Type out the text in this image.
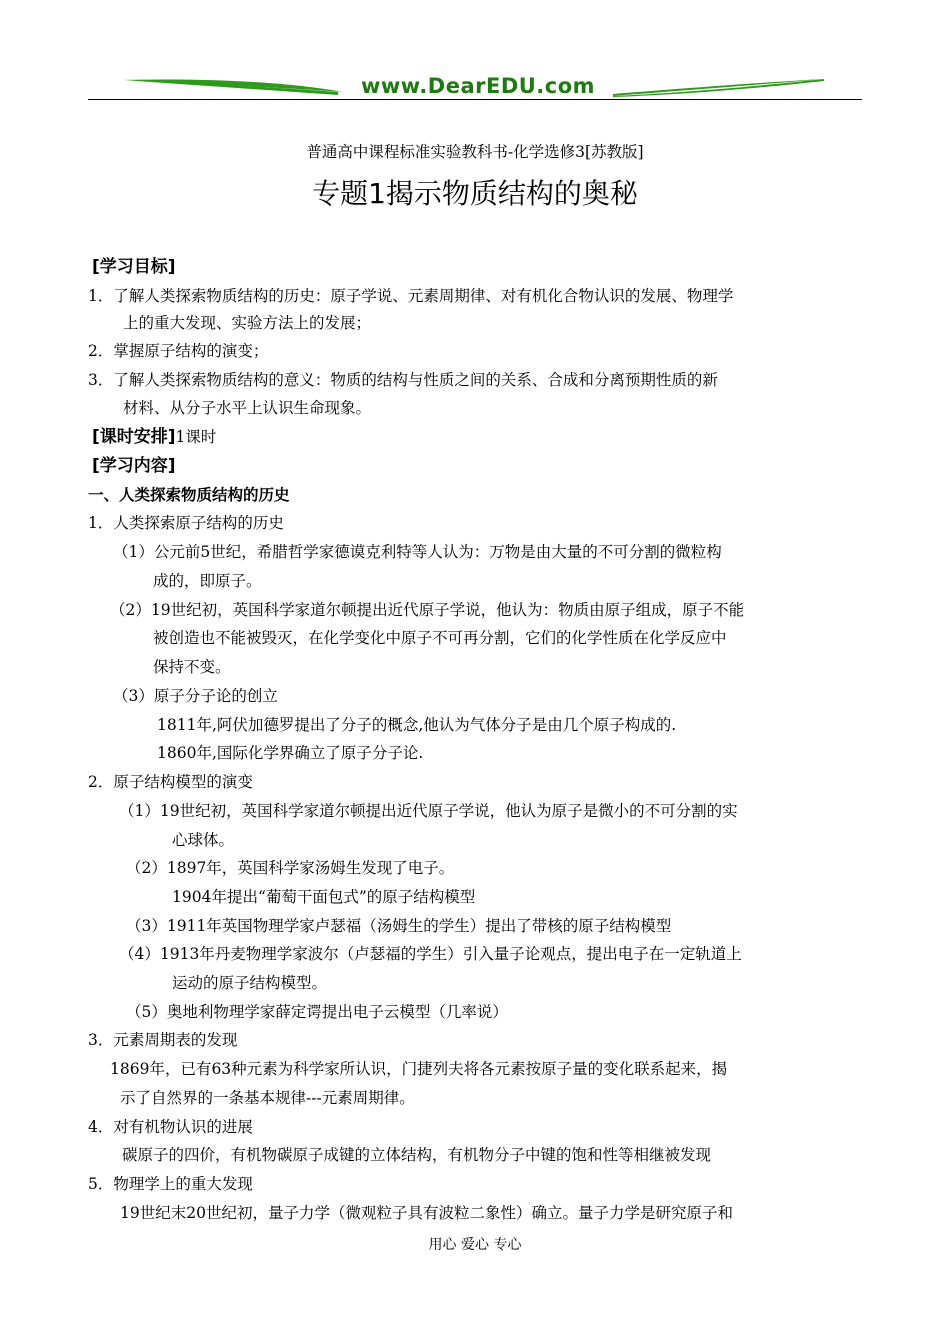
www.DearEDU.com
普通高中课程标准实验教科书-化学选修3[苏教版]
专题1揭示物质结构的奥秘
[学习目标]
1．了解人类探索物质结构的历史：原子学说、元素周期律、对有机化合物认识的发展、物理学
上的重大发现、实验方法上的发展；
2．掌握原子结构的演变；
3．了解人类探索物质结构的意义：物质的结构与性质之间的关系、合成和分离预期性质的新
材料、从分子水平上认识生命现象。
[课时安排]1课时
[学习内容]
一、人类探索物质结构的历史
1．人类探索原子结构的历史
（1）公元前5世纪，希腊哲学家德谟克利特等人认为：万物是由大量的不可分割的微粒构
成的，即原子。
（2）19世纪初，英国科学家道尔顿提出近代原子学说，他认为：物质由原子组成，原子不能
被创造也不能被毁灭，在化学变化中原子不可再分割，它们的化学性质在化学反应中
保持不变。
（3）原子分子论的创立
1811年,阿伏加德罗提出了分子的概念,他认为气体分子是由几个原子构成的.
1860年,国际化学界确立了原子分子论.
2．原子结构模型的演变
（1）19世纪初，英国科学家道尔顿提出近代原子学说，他认为原子是微小的不可分割的实
心球体。
（2）1897年，英国科学家汤姆生发现了电子。
1904年提出“葡萄干面包式”的原子结构模型
（3）1911年英国物理学家卢瑟福（汤姆生的学生）提出了带核的原子结构模型
（4）1913年丹麦物理学家波尔（卢瑟福的学生）引入量子论观点，提出电子在一定轨道上
运动的原子结构模型。
（5）奥地利物理学家薛定谔提出电子云模型（几率说）
3．元素周期表的发现
1869年，已有63种元素为科学家所认识，门捷列夫将各元素按原子量的变化联系起来，揭
示了自然界的一条基本规律---元素周期律。
4．对有机物认识的进展
碳原子的四价，有机物碳原子成键的立体结构，有机物分子中键的饱和性等相继被发现
5．物理学上的重大发现
19世纪末20世纪初，量子力学（微观粒子具有波粒二象性）确立。量子力学是研究原子和
用心 爱心 专心
